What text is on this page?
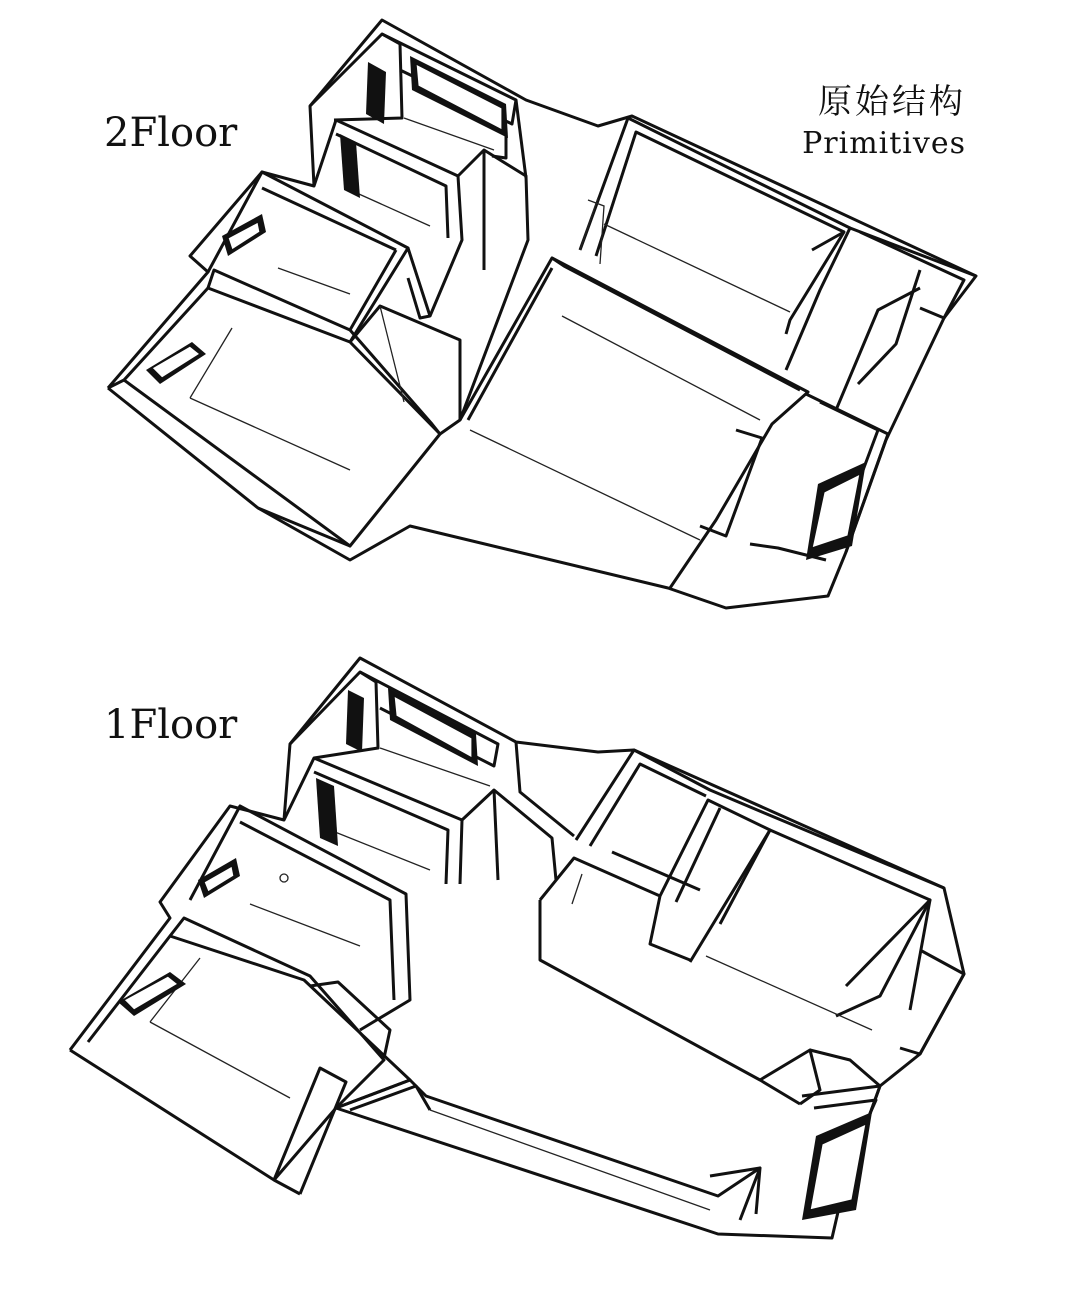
原始结构
Primitives
2Floor
1Floor
